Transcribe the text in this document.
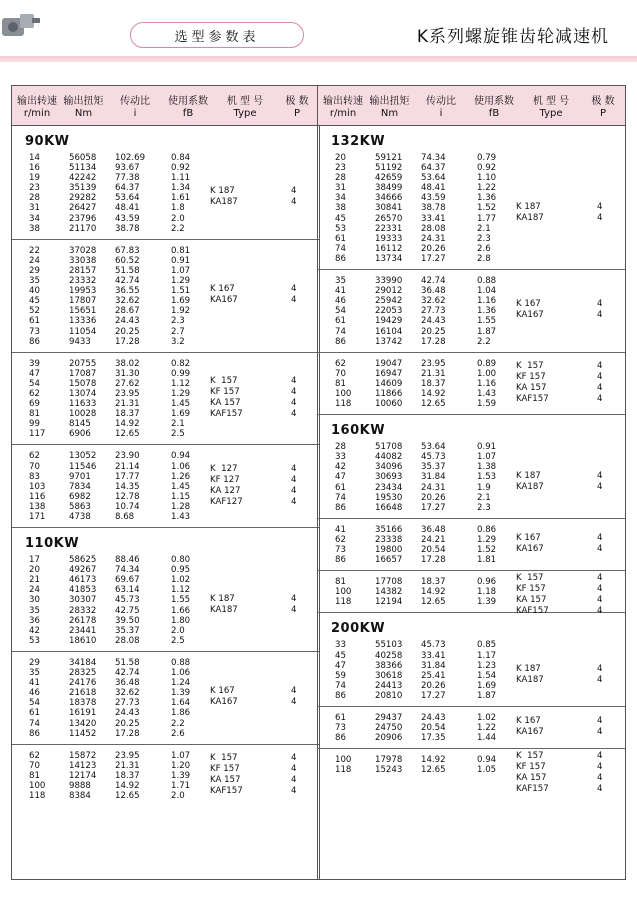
选型参数表	K系列螺旋锥齿轮减速机
输出转速 输出扭矩	传动比	使用系数	机 型 号	极 数
r/min	Nm	i	fB	Type	P
90KW
14	56058 102.69	0.84
16	51134 93.67	0.92
19	42242 77.38	1.11
23	35139 64.37	1.34
28	29282 53.64	1.61
31	26427 48.41	1.8
34	23796 43.59	2.0
38	21170 38.78	2.2
K 187	4
KA187	4
22	37028 67.83	0.81
24	33038 60.52	0.91
29	28157 51.58	1.07
35	23332 42.74	1.29
40	19953 36.55	1.51
45	17807 32.62	1.69
52	15651 28.67	1.92
61	13336 24.43	2.3
73	11054 20.25	2.7
86	9433	17.28	3.2
K 167	4
KA167	4
39	20755 38.02	0.82
47	17087 31.30	0.99
54	15078 27.62	1.12
62	13074 23.95	1.29
69	11633 21.31	1.45
81	10028 18.37	1.69
99	8145	14.92	2.1
117	6906	12.65	2.5
K  157	4
KF 157	4
KA 157	4
KAF157	4
62	13052 23.90	0.94
70	11546 21.14	1.06
83	9701	17.77	1.26
103	7834	14.35	1.45
116	6982	12.78	1.15
138	5863	10.74	1.28
171	4738	8.68	1.43
K  127	4
KF 127	4
KA 127	4
KAF127	4
110KW
17	58625 88.46	0.80
20	49267 74.34	0.95
21	46173 69.67	1.02
24	41853 63.14	1.12
30	30307 45.73	1.55
35	28332 42.75	1.66
36	26178 39.50	1.80
42	23441 35.37	2.0
53	18610 28.08	2.5
K 187	4
KA187	4
29	34184 51.58	0.88
35	28325 42.74	1.06
41	24176 36.48	1.24
46	21618 32.62	1.39
54	18378 27.73	1.64
61	16191 24.43	1.86
74	13420 20.25	2.2
86	11452 17.28	2.6
K 167	4
KA167	4
62	15872 23.95	1.07
70	14123 21.31	1.20
81	12174 18.37	1.39
100	9888	14.92	1.71
118	8384	12.65	2.0
K  157	4
KF 157	4
KA 157	4
KAF157	4
输出转速 输出扭矩	传动比	使用系数	机 型 号	极 数
r/min	Nm	i	fB	Type	P
132KW
20	59121 74.34	0.79
23	51192 64.37	0.92
28	42659 53.64	1.10
31	38499 48.41	1.22
34	34666 43.59	1.36
38	30841 38.78	1.52
45	26570 33.41	1.77
53	22331 28.08	2.1
61	19333 24.31	2.3
74	16112 20.26	2.6
86	13734 17.27	2.8
K 187	4
KA187	4
35	33990 42.74	0.88
41	29012 36.48	1.04
46	25942 32.62	1.16
54	22053 27.73	1.36
61	19429 24.43	1.55
74	16104 20.25	1.87
86	13742 17.28	2.2
K 167	4
KA167	4
62	19047 23.95	0.89
70	16947 21.31	1.00
81	14609 18.37	1.16
100	11866 14.92	1.43
118	10060 12.65	1.59
K  157	4
KF 157	4
KA 157	4
KAF157	4
160KW
28	51708 53.64	0.91
33	44082 45.73	1.07
42	34096 35.37	1.38
47	30693 31.84	1.53
61	23434 24.31	1.9
74	19530 20.26	2.1
86	16648 17.27	2.3
K 187	4
KA187	4
41	35166 36.48	0.86
62	23338 24.21	1.29
73	19800 20.54	1.52
86	16657 17.28	1.81
K 167	4
KA167	4
81	17708 18.37	0.96
100	14382 14.92	1.18
118	12194 12.65	1.39
K  157	4
KF 157	4
KA 157	4
KAF157	4
200KW
33	55103 45.73	0.85
45	40258 33.41	1.17
47	38366 31.84	1.23
59	30618 25.41	1.54
74	24413 20.26	1.69
86	20810 17.27	1.87
K 187	4
KA187	4
61	29437 24.43	1.02
73	24750 20.54	1.22
86	20906 17.35	1.44
K 167	4
KA167	4
100	17978 14.92	0.94
118	15243 12.65	1.05
K  157	4
KF 157	4
KA 157	4
KAF157	4
